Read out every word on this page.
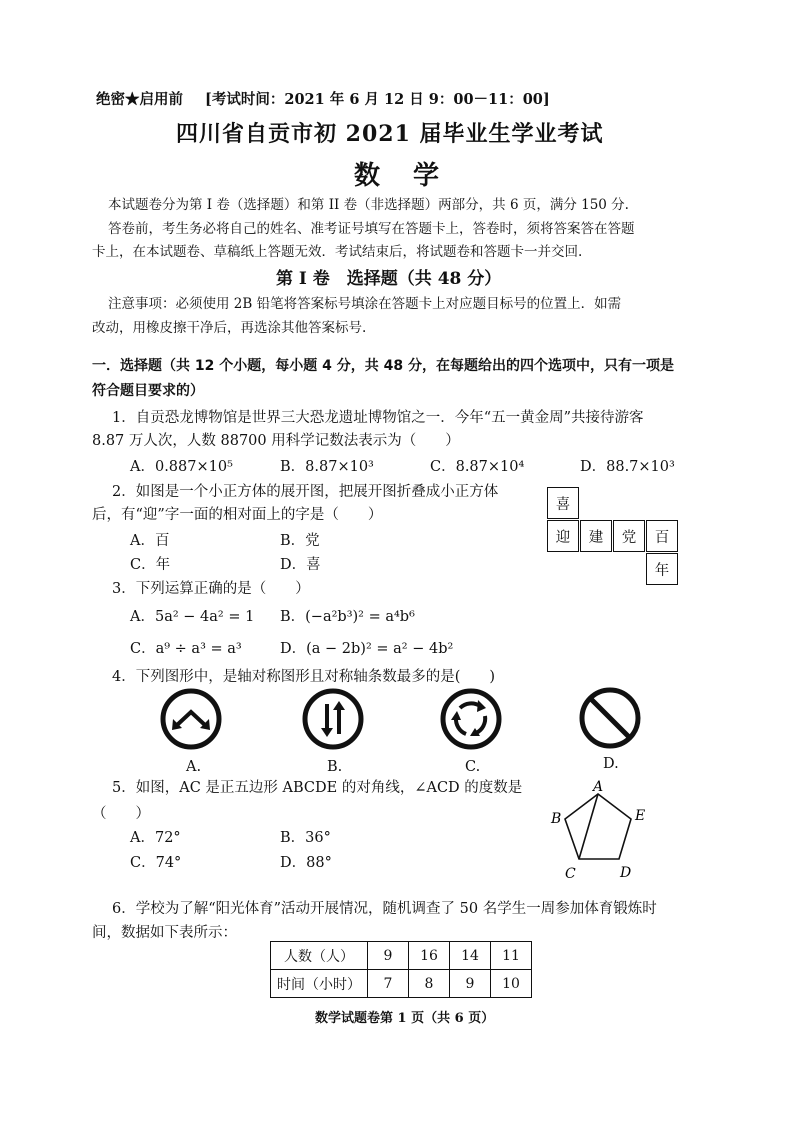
绝密★启用前 [考试时间：2021 年 6 月 12 日 9：00－11：00]
四川省自贡市初 2021 届毕业生学业考试
数 学
本试题卷分为第 I 卷（选择题）和第 II 卷（非选择题）两部分，共 6 页，满分 150 分.
答卷前，考生务必将自己的姓名、准考证号填写在答题卡上，答卷时，须将答案答在答题
卡上，在本试题卷、草稿纸上答题无效．考试结束后，将试题卷和答题卡一并交回.
第 I 卷　选择题（共 48 分）
注意事项：必须使用 2B 铅笔将答案标号填涂在答题卡上对应题目标号的位置上．如需
改动，用橡皮擦干净后，再选涂其他答案标号.
一．选择题（共 12 个小题，每小题 4 分，共 48 分，在每题给出的四个选项中，只有一项是
符合题目要求的）
1．自贡恐龙博物馆是世界三大恐龙遗址博物馆之一．今年“五一黄金周”共接待游客
8.87 万人次，人数 88700 用科学记数法表示为（　　）
A．0.887×10⁵	B．8.87×10³	C．8.87×10⁴	D．88.7×10³
2．如图是一个小正方体的展开图，把展开图折叠成小正方体
后，有“迎”字一面的相对面上的字是（　　）
A．百	B．党
C．年	D．喜
喜
迎	建	党	百
年
3．下列运算正确的是（　　）
A．5a² − 4a² = 1 B．(−a²b³)² = a⁴b⁶
C．a⁹ ÷ a³ = a³	D．(a − 2b)² = a² − 4b²
4．下列图形中，是轴对称图形且对称轴条数最多的是(　　)
A.	B.	C.	D.
5．如图，AC 是正五边形 ABCDE 的对角线，∠ACD 的度数是
（　　）
A．72°	B．36°
C．74°	D．88°
A
B
C	D
E
6．学校为了解“阳光体育”活动开展情况，随机调查了 50 名学生一周参加体育锻炼时
间，数据如下表所示：
人数（人）	9	16	14	11
时间（小时）	7	8	9	10
数学试题卷第 1 页（共 6 页）
